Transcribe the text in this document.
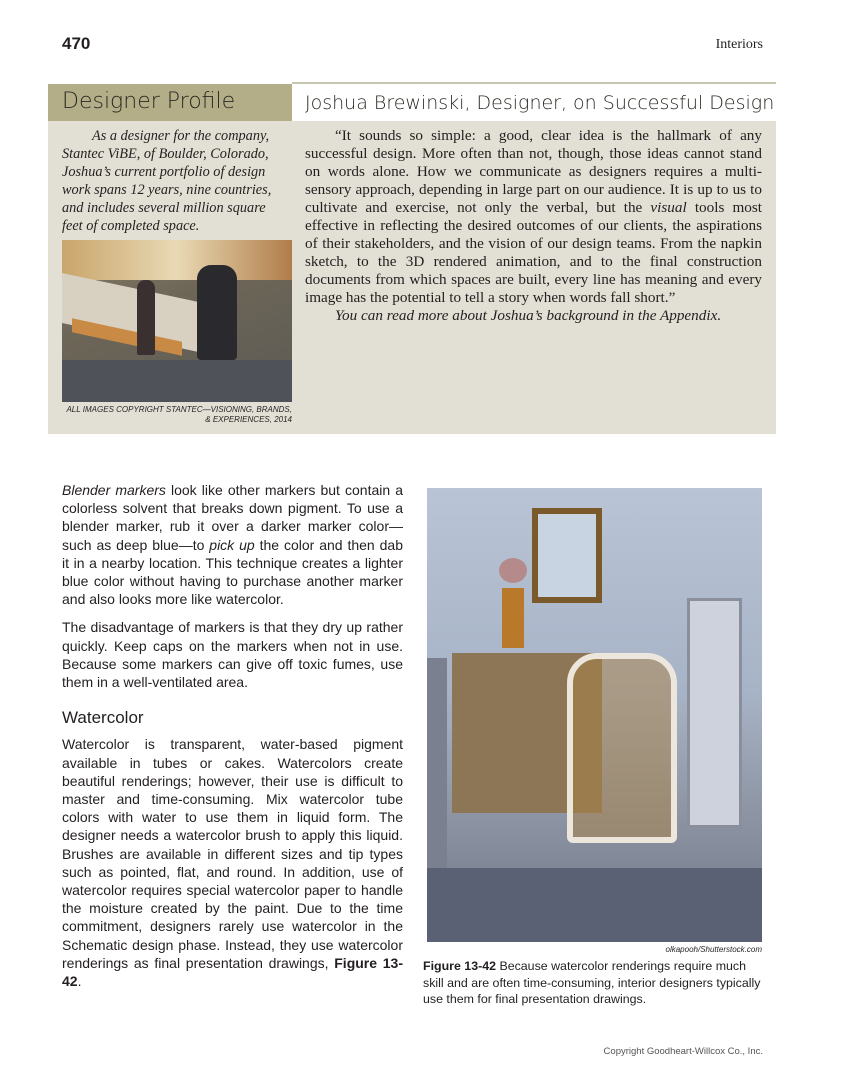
470	Interiors
Designer Profile	Joshua Brewinski, Designer, on Successful Design
As a designer for the company, Stantec ViBE, of Boulder, Colorado, Joshua’s current portfolio of design work spans 12 years, nine countries, and includes several million square feet of completed space.
ALL IMAGES COPYRIGHT STANTEC—VISIONING, BRANDS, & EXPERIENCES, 2014

“It sounds so simple: a good, clear idea is the hallmark of any successful design. More often than not, though, those ideas cannot stand on words alone. How we communicate as designers requires a multi-sensory approach, depending in large part on our audience. It is up to us to cultivate and exercise, not only the verbal, but the visual tools most effective in reflecting the desired outcomes of our clients, the aspirations of their stakeholders, and the vision of our design teams. From the napkin sketch, to the 3D rendered animation, and to the final construction documents from which spaces are built, every line has meaning and every image has the potential to tell a story when words fall short.”

You can read more about Joshua’s background in the Appendix.

Blender markers look like other markers but contain a colorless solvent that breaks down pigment. To use a blender marker, rub it over a darker marker color—such as deep blue—to pick up the color and then dab it in a nearby location. This technique creates a lighter blue color without having to purchase another marker and also looks more like watercolor.

The disadvantage of markers is that they dry up rather quickly. Keep caps on the markers when not in use. Because some markers can give off toxic fumes, use them in a well-ventilated area.

Watercolor

Watercolor is transparent, water-based pigment available in tubes or cakes. Watercolors create beautiful renderings; however, their use is difficult to master and time-consuming. Mix watercolor tube colors with water to use them in liquid form. The designer needs a watercolor brush to apply this liquid. Brushes are available in different sizes and tip types such as pointed, flat, and round. In addition, use of watercolor requires special watercolor paper to handle the moisture created by the paint. Due to the time commitment, designers rarely use watercolor in the Schematic design phase. Instead, they use watercolor renderings as final presentation drawings, Figure 13-42.

olkapooh/Shutterstock.com
Figure 13-42 Because watercolor renderings require much skill and are often time-consuming, interior designers typically use them for final presentation drawings.
Copyright Goodheart-Willcox Co., Inc.
